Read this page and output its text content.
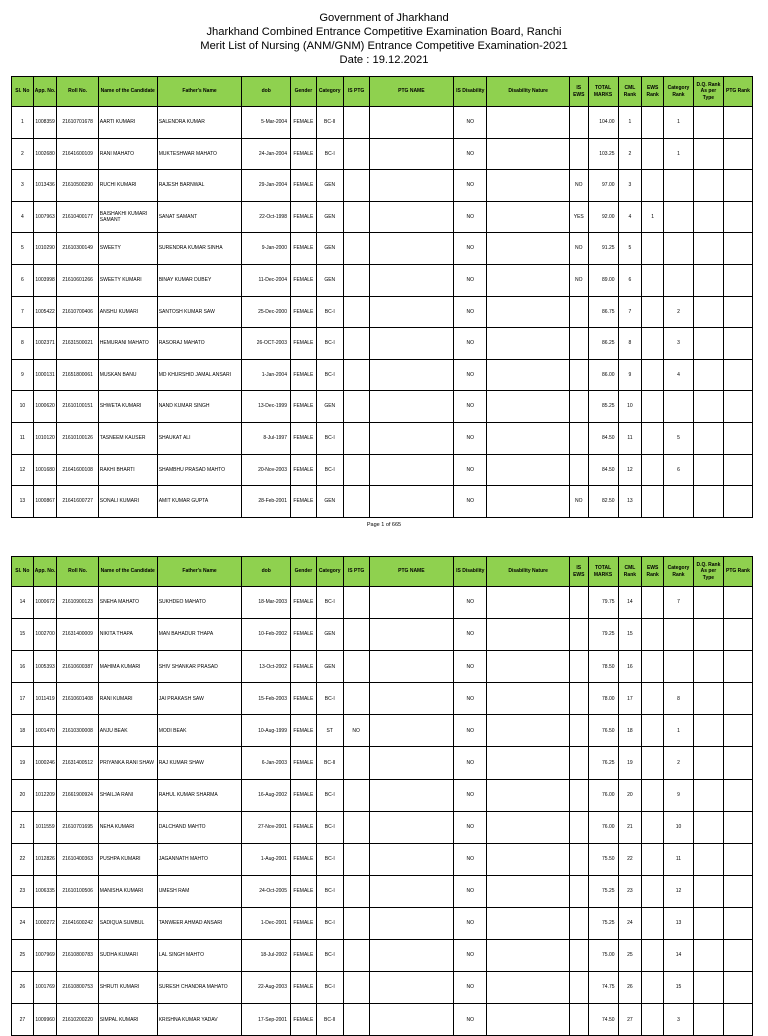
Government of Jharkhand
Jharkhand Combined Entrance Competitive Examination Board, Ranchi
Merit List of Nursing (ANM/GNM) Entrance Competitive Examination-2021
Date : 19.12.2021
Sl. No	App. No.	Roll No.	Name of the Candidate	Father's Name	dob	Gender	Category	IS PTG	PTG NAME	IS Disability	Disability Nature	IS EWS	TOTAL MARKS	CML Rank	EWS Rank	Category Rank	D.Q. Rank As per Type	PTG Rank
1	1008359	21610701678	AARTI KUMARI	SALENDRA KUMAR	5-Mar-2004	FEMALE	BC-II			NO			104.00	1		1		
2	1002680	21641600109	RANI MAHATO	MUKTESHWAR MAHATO	24-Jan-2004	FEMALE	BC-I			NO			103.25	2		1		
3	1013436	21610500290	RUCHI KUMARI	RAJESH BARNWAL	29-Jan-2004	FEMALE	GEN			NO		NO	97.00	3				
4	1007963	21610400177	BAISHAKHI KUMARI SAMANT	SANAT SAMANT	22-Oct-1998	FEMALE	GEN			NO		YES	92.00	4	1			
5	1010290	21610300149	SWEETY	SURENDRA KUMAR SINHA	9-Jan-2000	FEMALE	GEN			NO		NO	91.25	5				
6	1003998	21610601266	SWEETY KUMARI	BINAY KUMAR DUBEY	11-Dec-2004	FEMALE	GEN			NO		NO	89.00	6				
7	1005422	21610700406	ANSHU KUMARI	SANTOSH KUMAR SAW	25-Dec-2000	FEMALE	BC-I			NO			86.75	7		2		
8	1002371	21631500021	HEMURANI MAHATO	RASORAJ MAHATO	26-OCT-2003	FEMALE	BC-I			NO			86.25	8		3		
9	1000131	21651800061	MUSKAN BANU	MD KHURSHID JAMAL ANSARI	1-Jan-2004	FEMALE	BC-I			NO			86.00	9		4		
10	1000620	21610100151	SHWETA KUMARI	NAND KUMAR SINGH	13-Dec-1999	FEMALE	GEN			NO			85.25	10				
11	1010120	21610100126	TASNEEM KAUSER	SHAUKAT ALI	8-Jul-1997	FEMALE	BC-I			NO			84.50	11		5		
12	1001680	21641600108	RAKHI BHARTI	SHAMBHU PRASAD MAHTO	20-Nov-2003	FEMALE	BC-I			NO			84.50	12		6		
13	1000867	21641600727	SONALI KUMARI	AMIT KUMAR GUPTA	28-Feb-2001	FEMALE	GEN			NO		NO	82.50	13				
Page 1 of 665
Sl. No	App. No.	Roll No.	Name of the Candidate	Father's Name	dob	Gender	Category	IS PTG	PTG NAME	IS Disability	Disability Nature	IS EWS	TOTAL MARKS	CML Rank	EWS Rank	Category Rank	D.Q. Rank As per Type	PTG Rank
14	1000672	21610900123	SNEHA MAHATO	SUKHDEO MAHATO	18-Mar-2003	FEMALE	BC-I			NO			79.75	14		7		
15	1002700	21631400009	NIKITA THAPA	MAN BAHADUR THAPA	10-Feb-2002	FEMALE	GEN			NO			79.25	15				
16	1005393	21610600387	MAHIMA KUMARI	SHIV SHANKAR PRASAD	13-Oct-2002	FEMALE	GEN			NO			78.50	16				
17	1011419	21610601408	RANI KUMARI	JAI PRAKASH SAW	15-Feb-2003	FEMALE	BC-I			NO			78.00	17		8		
18	1001470	21610300008	ANJU BEAK	MODI BEAK	10-Aug-1999	FEMALE	ST	NO		NO			76.50	18		1		
19	1000246	21631400512	PRIYANKA RANI SHAW	RAJ KUMAR SHAW	6-Jan-2003	FEMALE	BC-II			NO			76.25	19		2		
20	1012209	21661900924	SHAILJA RANI	RAHUL KUMAR SHARMA	16-Aug-2002	FEMALE	BC-I			NO			76.00	20		9		
21	1011559	21610701695	NEHA KUMARI	DALCHAND MAHTO	27-Nov-2001	FEMALE	BC-I			NO			76.00	21		10		
22	1012826	21610400363	PUSHPA KUMARI	JAGANNATH MAHTO	1-Aug-2001	FEMALE	BC-I			NO			75.50	22		11		
23	1006335	21610100506	MANISHA KUMARI	UMESH RAM	24-Oct-2005	FEMALE	BC-I			NO			75.25	23		12		
24	1000272	21641600242	SADIQUA SUMBUL	TANWEER AHMAD ANSARI	1-Dec-2001	FEMALE	BC-I			NO			75.25	24		13		
25	1007969	21610800783	SUDHA KUMARI	LAL SINGH MAHTO	18-Jul-2002	FEMALE	BC-I			NO			75.00	25		14		
26	1001769	21610800753	SHRUTI KUMARI	SURESH CHANDRA MAHATO	22-Aug-2003	FEMALE	BC-I			NO			74.75	26		15		
27	1009960	21610200220	SIMPAL KUMARI	KRISHNA KUMAR YADAV	17-Sep-2001	FEMALE	BC-II			NO			74.50	27		3		
